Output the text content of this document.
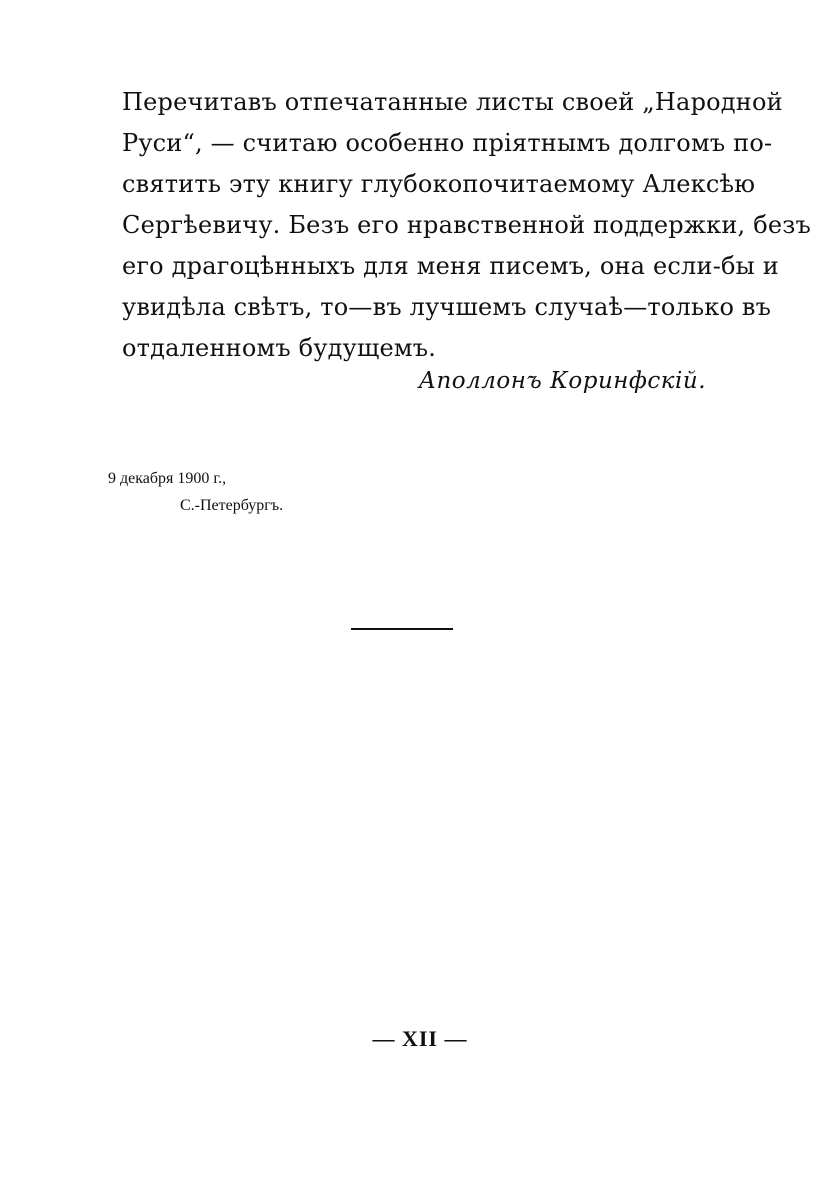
Перечитавъ отпечатанные листы своей „Народной
Руси“, — считаю особенно пріятнымъ долгомъ по-
святить эту книгу глубокопочитаемому Алексѣю
Сергѣевичу. Безъ его нравственной поддержки, безъ
его драгоцѣнныхъ для меня писемъ, она если-бы и
увидѣла свѣтъ, то—въ лучшемъ случаѣ—только въ
отдаленномъ будущемъ.
Аполлонъ Коринфскій.
9 декабря 1900 г.,
С.-Петербургъ.
— XII —
